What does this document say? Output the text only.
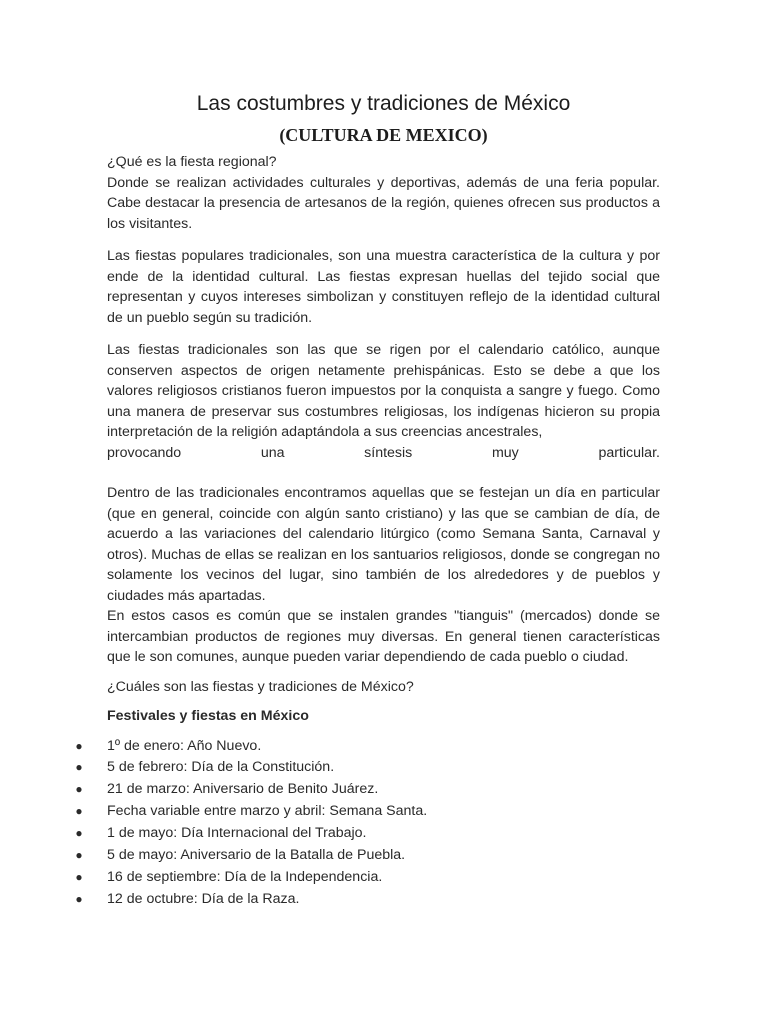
Las costumbres y tradiciones de México
(CULTURA DE MEXICO)

¿Qué es la fiesta regional?

Donde se realizan actividades culturales y deportivas, además de una feria popular. Cabe destacar la presencia de artesanos de la región, quienes ofrecen sus productos a los visitantes.

Las fiestas populares tradicionales, son una muestra característica de la cultura y por ende de la identidad cultural. Las fiestas expresan huellas del tejido social que representan y cuyos intereses simbolizan y constituyen reflejo de la identidad cultural de un pueblo según su tradición.

Las fiestas tradicionales son las que se rigen por el calendario católico, aunque conserven aspectos de origen netamente prehispánicas. Esto se debe a que los valores religiosos cristianos fueron impuestos por la conquista a sangre y fuego. Como una manera de preservar sus costumbres religiosas, los indígenas hicieron su propia interpretación de la religión adaptándola a sus creencias ancestrales,

provocando	una	síntesis	muy	particular.

Dentro de las tradicionales encontramos aquellas que se festejan un día en particular (que en general, coincide con algún santo cristiano) y las que se cambian de día, de acuerdo a las variaciones del calendario litúrgico (como Semana Santa, Carnaval y otros). Muchas de ellas se realizan en los santuarios religiosos, donde se congregan no solamente los vecinos del lugar, sino también de los alrededores y de pueblos y ciudades más apartadas.

En estos casos es común que se instalen grandes "tianguis" (mercados) donde se intercambian productos de regiones muy diversas. En general tienen características que le son comunes, aunque pueden variar dependiendo de cada pueblo o ciudad.

¿Cuáles son las fiestas y tradiciones de México?

Festivales y fiestas en México
● 1º de enero: Año Nuevo.
● 5 de febrero: Día de la Constitución.
● 21 de marzo: Aniversario de Benito Juárez.
● Fecha variable entre marzo y abril: Semana Santa.
● 1 de mayo: Día Internacional del Trabajo.
● 5 de mayo: Aniversario de la Batalla de Puebla.
● 16 de septiembre: Día de la Independencia.
● 12 de octubre: Día de la Raza.
